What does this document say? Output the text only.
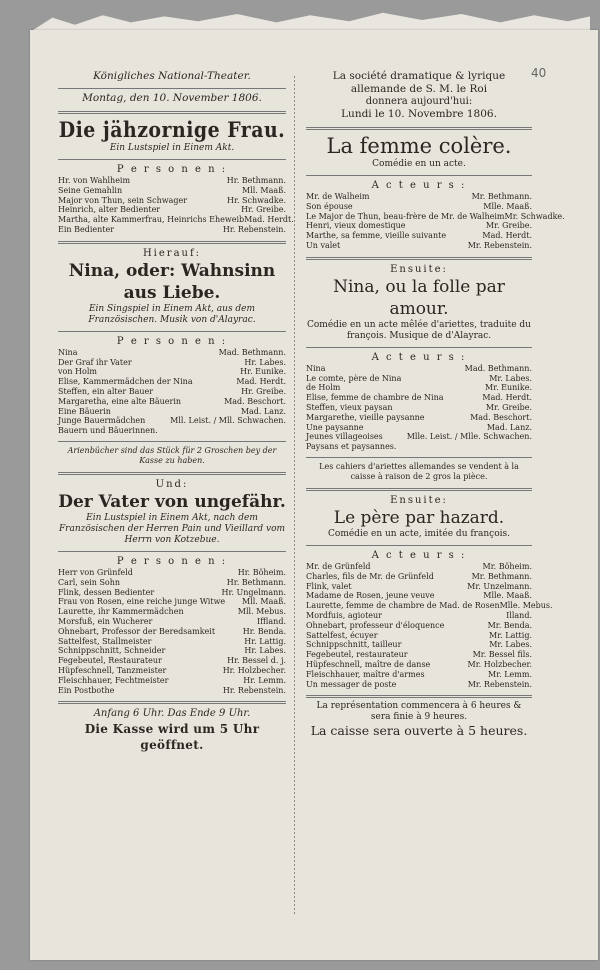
40
Königliches National-Theater.
Montag, den 10. November 1806.
Die jähzornige Frau.
Ein Lustspiel in Einem Akt.
P e r s o n e n :
Hr. von Wahlheim	Hr. Bethmann.
Seine Gemahlin	Mll. Maaß.
Major von Thun, sein Schwager	Hr. Schwadke.
Heinrich, alter Bedienter	Hr. Greibe.
Martha, alte Kammerfrau, Heinrichs Eheweib Mad. Herdt.
Ein Bedienter	Hr. Rebenstein.
Hierauf:
Nina, oder: Wahnsinn aus Liebe.
Ein Singspiel in Einem Akt, aus dem Französischen. Musik von d'Alayrac.
P e r s o n e n :
Nina	Mad. Bethmann.
Der Graf ihr Vater	Hr. Labes.
von Holm	Hr. Eunike.
Elise, Kammermädchen der Nina	Mad. Herdt.
Steffen, ein alter Bauer	Hr. Greibe.
Margaretha, eine alte Bäuerin	Mad. Beschort.
Eine Bäuerin	Mad. Lanz.
Junge Bauermädchen	Mll. Leist. / Mll. Schwachen.
Bauern und Bäuerinnen.
Arienbücher sind das Stück für 2 Groschen bey der Kasse zu haben.
Und:
Der Vater von ungefähr.
Ein Lustspiel in Einem Akt, nach dem Französischen der Herren Pain und Vieillard vom Herrn von Kotzebue.
P e r s o n e n :
Herr von Grünfeld	Hr. Böheim.
Carl, sein Sohn	Hr. Bethmann.
Flink, dessen Bedienter	Hr. Ungelmann.
Frau von Rosen, eine reiche junge Witwe Mll. Maaß.
Laurette, ihr Kammermädchen	Mll. Mebus.
Morsfuß, ein Wucherer	Iffland.
Ohnebart, Professor der Beredsamkeit	Hr. Benda.
Sattelfest, Stallmeister	Hr. Lattig.
Schnippschnitt, Schneider	Hr. Labes.
Fegebeutel, Restaurateur	Hr. Bessel d. j.
Hüpfeschnell, Tanzmeister	Hr. Holzbecher.
Fleischhauer, Fechtmeister	Hr. Lemm.
Ein Postbothe	Hr. Rebenstein.
Anfang 6 Uhr. Das Ende 9 Uhr.
Die Kasse wird um 5 Uhr geöffnet.
La société dramatique & lyrique allemande de S. M. le Roi
donnera aujourd'hui:
Lundi le 10. Novembre 1806.
La femme colère.
Comédie en un acte.
A c t e u r s :
Mr. de Walheim	Mr. Bethmann.
Son épouse	Mlle. Maaß.
Le Major de Thun, beau-frère de Mr. de Walheim Mr. Schwadke.
Henri, vieux domestique	Mr. Greibe.
Marthe, sa femme, vieille suivante	Mad. Herdt.
Un valet	Mr. Rebenstein.
Ensuite:
Nina, ou la folle par amour.
Comédie en un acte mêlée d'ariettes, traduite du françois. Musique de d'Alayrac.
A c t e u r s :
Nina	Mad. Bethmann.
Le comte, père de Nina	Mr. Labes.
de Holm	Mr. Eunike.
Elise, femme de chambre de Nina	Mad. Herdt.
Steffen, vieux paysan	Mr. Greibe.
Margarethe, vieille paysanne	Mad. Beschort.
Une paysanne	Mad. Lanz.
Jeunes villageoises	Mlle. Leist. / Mlle. Schwachen.
Paysans et paysannes.
Les cahiers d'ariettes allemandes se vendent à la caisse à raison de 2 gros la pièce.
Ensuite:
Le père par hazard.
Comédie en un acte, imitée du françois.
A c t e u r s :
Mr. de Grünfeld	Mr. Böheim.
Charles, fils de Mr. de Grünfeld	Mr. Bethmann.
Flink, valet	Mr. Unzelmann.
Madame de Rosen, jeune veuve	Mlle. Maaß.
Laurette, femme de chambre de Mad. de Rosen Mlle. Mebus.
Mordfuis, agioteur	Illand.
Ohnebart, professeur d'éloquence	Mr. Benda.
Sattelfest, écuyer	Mr. Lattig.
Schnippschnitt, tailleur	Mr. Labes.
Fegebeutel, restaurateur	Mr. Bessel fils.
Hüpfeschnell, maître de danse	Mr. Holzbecher.
Fleischhauer, maître d'armes	Mr. Lemm.
Un messager de poste	Mr. Rebenstein.
La représentation commencera à 6 heures & sera finie à 9 heures.
La caisse sera ouverte à 5 heures.
